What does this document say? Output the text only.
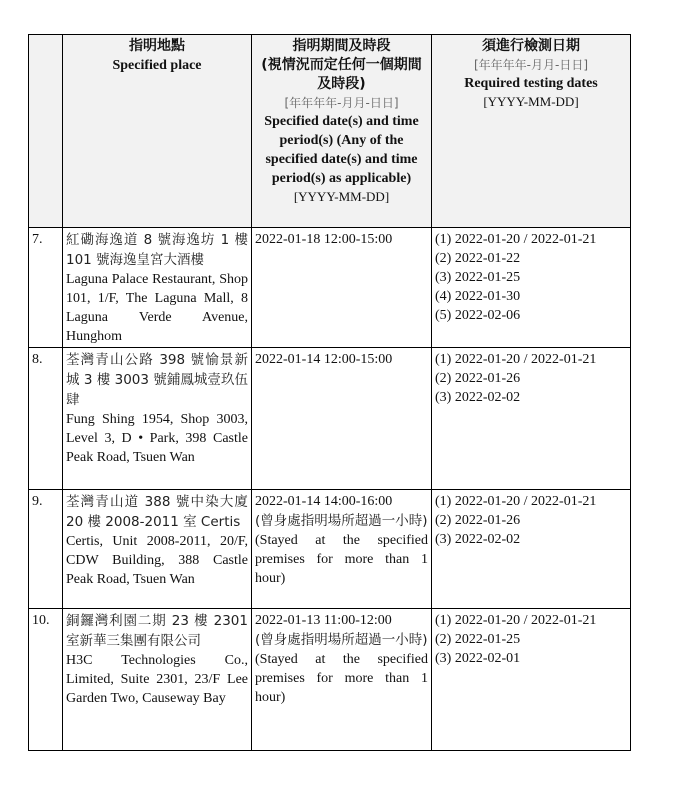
	指明地點
Specified place	指明期間及時段
(視情況而定任何一個期間及時段)
[年年年年-月月-日日]
Specified date(s) and time period(s) (Any of the specified date(s) and time period(s) as applicable)
[YYYY-MM-DD]	須進行檢測日期
[年年年年-月月-日日]
Required testing dates
[YYYY-MM-DD]

7.	紅磡海逸道 8 號海逸坊 1 樓 101 號海逸皇宮大酒樓
Laguna Palace Restaurant, Shop 101, 1/F, The Laguna Mall, 8 Laguna Verde Avenue, Hunghom	2022-01-18 12:00-15:00	(1) 2022-01-20 / 2022-01-21
(2) 2022-01-22
(3) 2022-01-25
(4) 2022-01-30
(5) 2022-02-06

8.	荃灣青山公路 398 號愉景新城 3 樓 3003 號鋪鳳城壹玖伍肆
Fung Shing 1954, Shop 3003, Level 3, D • Park, 398 Castle Peak Road, Tsuen Wan	2022-01-14 12:00-15:00	(1) 2022-01-20 / 2022-01-21
(2) 2022-01-26
(3) 2022-02-02

9.	荃灣青山道 388 號中染大廈 20 樓 2008-2011 室 Certis
Certis, Unit 2008-2011, 20/F, CDW Building, 388 Castle Peak Road, Tsuen Wan	2022-01-14 14:00-16:00
(曾身處指明場所超過一小時)
(Stayed at the specified premises for more than 1 hour)	(1) 2022-01-20 / 2022-01-21
(2) 2022-01-26
(3) 2022-02-02

10.	銅鑼灣利園二期 23 樓 2301 室新華三集團有限公司
H3C Technologies Co., Limited, Suite 2301, 23/F Lee Garden Two, Causeway Bay	2022-01-13 11:00-12:00
(曾身處指明場所超過一小時)
(Stayed at the specified premises for more than 1 hour)	(1) 2022-01-20 / 2022-01-21
(2) 2022-01-25
(3) 2022-02-01
